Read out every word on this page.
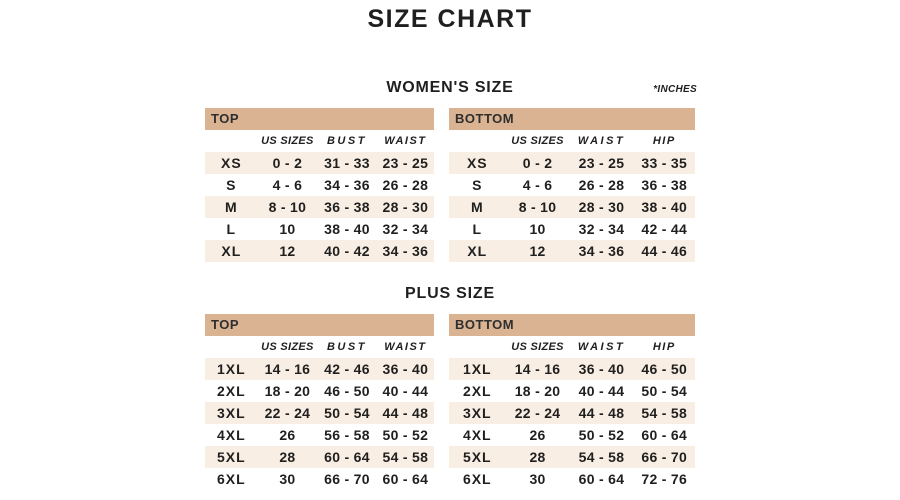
SIZE CHART
WOMEN'S SIZE	*INCHES
TOP
	US SIZES	BUST	WAIST
XS	0 - 2	31 - 33	23 - 25
S	4 - 6	34 - 36	26 - 28
M	8 - 10	36 - 38	28 - 30
L	10	38 - 40	32 - 34
XL	12	40 - 42	34 - 36
BOTTOM
	US SIZES	WAIST	HIP
XS	0 - 2	23 - 25	33 - 35
S	4 - 6	26 - 28	36 - 38
M	8 - 10	28 - 30	38 - 40
L	10	32 - 34	42 - 44
XL	12	34 - 36	44 - 46
PLUS SIZE
TOP
	US SIZES	BUST	WAIST
1XL	14 - 16	42 - 46	36 - 40
2XL	18 - 20	46 - 50	40 - 44
3XL	22 - 24	50 - 54	44 - 48
4XL	26	56 - 58	50 - 52
5XL	28	60 - 64	54 - 58
6XL	30	66 - 70	60 - 64
BOTTOM
	US SIZES	WAIST	HIP
1XL	14 - 16	36 - 40	46 - 50
2XL	18 - 20	40 - 44	50 - 54
3XL	22 - 24	44 - 48	54 - 58
4XL	26	50 - 52	60 - 64
5XL	28	54 - 58	66 - 70
6XL	30	60 - 64	72 - 76
